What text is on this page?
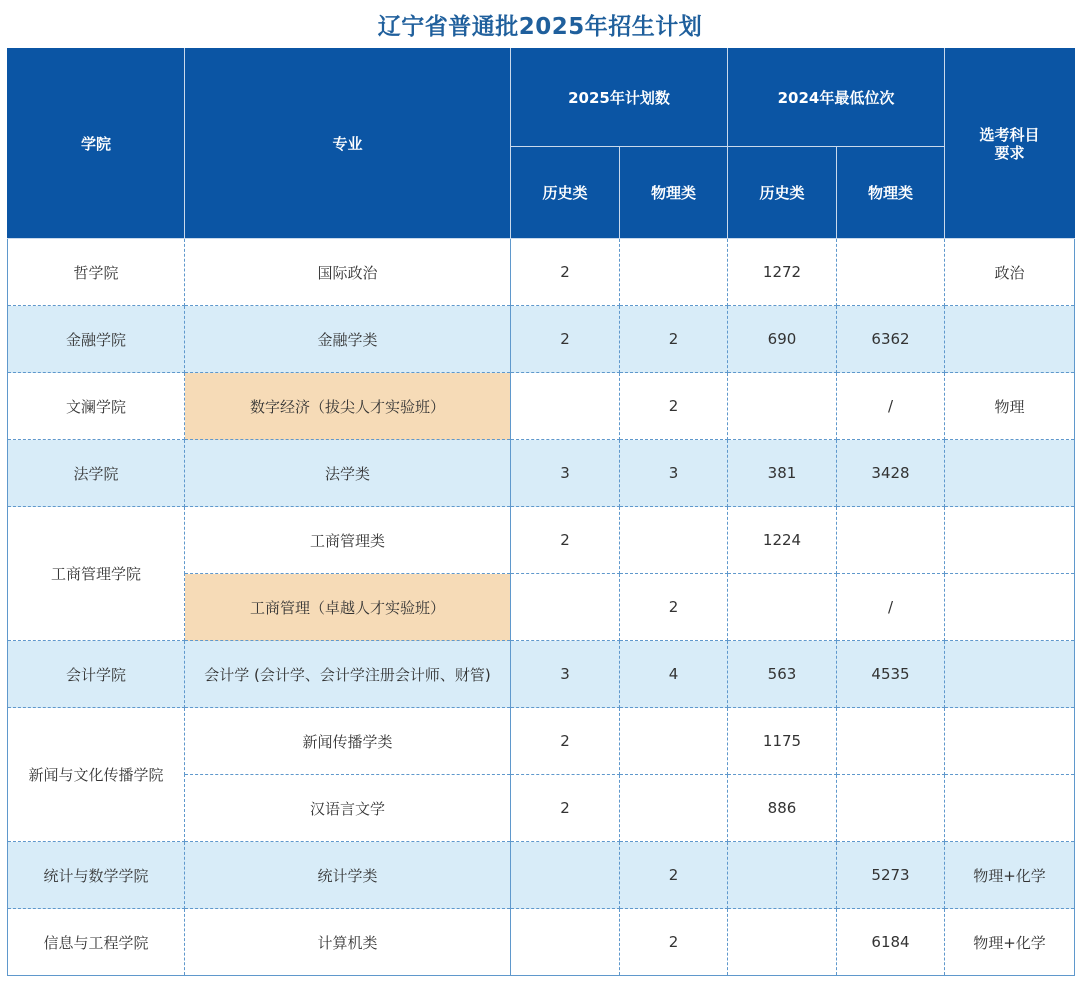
辽宁省普通批2025年招生计划
学院	专业	2025年计划数		2024年最低位次		选考科目要求

		历史类	物理类	历史类	物理类	
哲学院	国际政治	2		1272		政治
金融学院	金融学类	2	2	690	6362	
文澜学院	数字经济（拔尖人才实验班）		2		/	物理
法学院	法学类	3	3	381	3428	
工商管理学院	工商管理类	2		1224		
	工商管理（卓越人才实验班）		2		/	
会计学院	会计学 (会计学、会计学注册会计师、财管)	3	4	563	4535	
新闻与文化传播学院	新闻传播学类	2		1175		
	汉语言文学	2		886		
统计与数学学院	统计学类		2		5273	物理+化学
信息与工程学院	计算机类		2		6184	物理+化学
